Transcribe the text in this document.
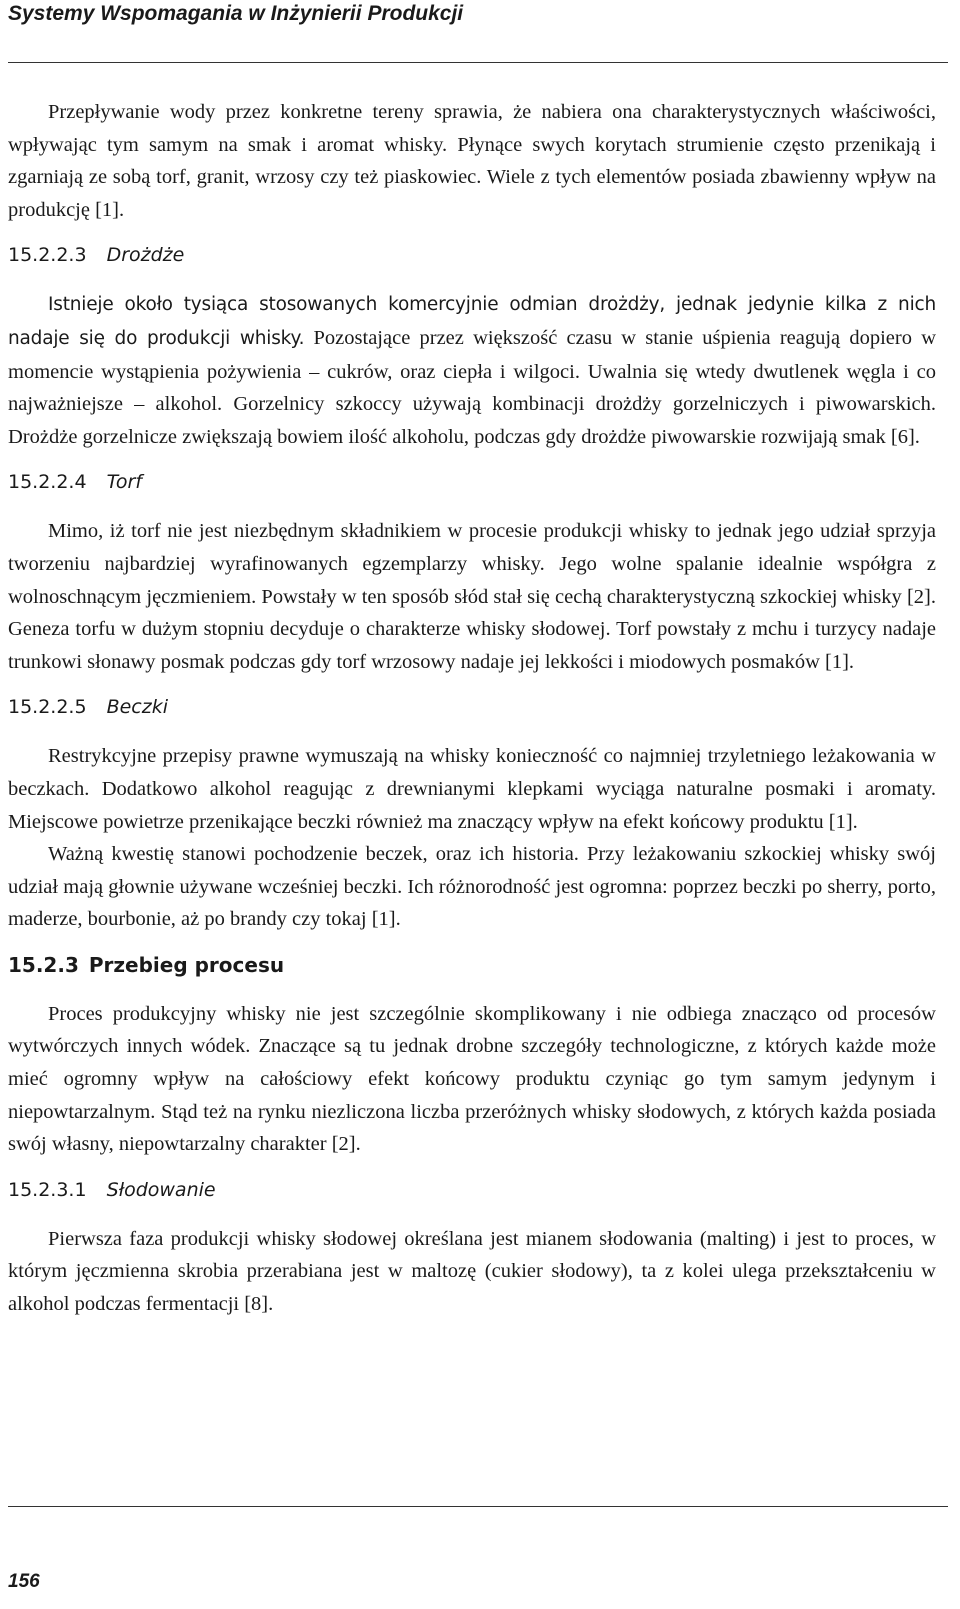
Systemy Wspomagania w Inżynierii Produkcji

Przepływanie wody przez konkretne tereny sprawia, że nabiera ona charakterystycznych właściwości, wpływając tym samym na smak i aromat whisky. Płynące swych korytach strumienie często przenikają i zgarniają ze sobą torf, granit, wrzosy czy też piaskowiec. Wiele z tych elementów posiada zbawienny wpływ na produkcję [1].

15.2.2.3 Drożdże

Istnieje około tysiąca stosowanych komercyjnie odmian drożdży, jednak jedynie kilka z nich nadaje się do produkcji whisky. Pozostające przez większość czasu w stanie uśpienia reagują dopiero w momencie wystąpienia pożywienia – cukrów, oraz ciepła i wilgoci. Uwalnia się wtedy dwutlenek węgla i co najważniejsze – alkohol. Gorzelnicy szkoccy używają kombinacji drożdży gorzelniczych i piwowarskich. Drożdże gorzelnicze zwiększają bowiem ilość alkoholu, podczas gdy drożdże piwowarskie rozwijają smak [6].

15.2.2.4 Torf

Mimo, iż torf nie jest niezbędnym składnikiem w procesie produkcji whisky to jednak jego udział sprzyja tworzeniu najbardziej wyrafinowanych egzemplarzy whisky. Jego wolne spalanie idealnie współgra z wolnoschnącym jęczmieniem. Powstały w ten sposób słód stał się cechą charakterystyczną szkockiej whisky [2]. Geneza torfu w dużym stopniu decyduje o charakterze whisky słodowej. Torf powstały z mchu i turzycy nadaje trunkowi słonawy posmak podczas gdy torf wrzosowy nadaje jej lekkości i miodowych posmaków [1].

15.2.2.5 Beczki

Restrykcyjne przepisy prawne wymuszają na whisky konieczność co najmniej trzyletniego leżakowania w beczkach. Dodatkowo alkohol reagując z drewnianymi klepkami wyciąga naturalne posmaki i aromaty. Miejscowe powietrze przenikające beczki również ma znaczący wpływ na efekt końcowy produktu [1].

Ważną kwestię stanowi pochodzenie beczek, oraz ich historia. Przy leżakowaniu szkockiej whisky swój udział mają głownie używane wcześniej beczki. Ich różnorodność jest ogromna: poprzez beczki po sherry, porto, maderze, bourbonie, aż po brandy czy tokaj [1].

15.2.3 Przebieg procesu

Proces produkcyjny whisky nie jest szczególnie skomplikowany i nie odbiega znacząco od procesów wytwórczych innych wódek. Znaczące są tu jednak drobne szczegóły technologiczne, z których każde może mieć ogromny wpływ na całościowy efekt końcowy produktu czyniąc go tym samym jedynym i niepowtarzalnym. Stąd też na rynku niezliczona liczba przeróżnych whisky słodowych, z których każda posiada swój własny, niepowtarzalny charakter [2].

15.2.3.1 Słodowanie

Pierwsza faza produkcji whisky słodowej określana jest mianem słodowania (malting) i jest to proces, w którym jęczmienna skrobia przerabiana jest w maltozę (cukier słodowy), ta z kolei ulega przekształceniu w alkohol podczas fermentacji [8].

156
